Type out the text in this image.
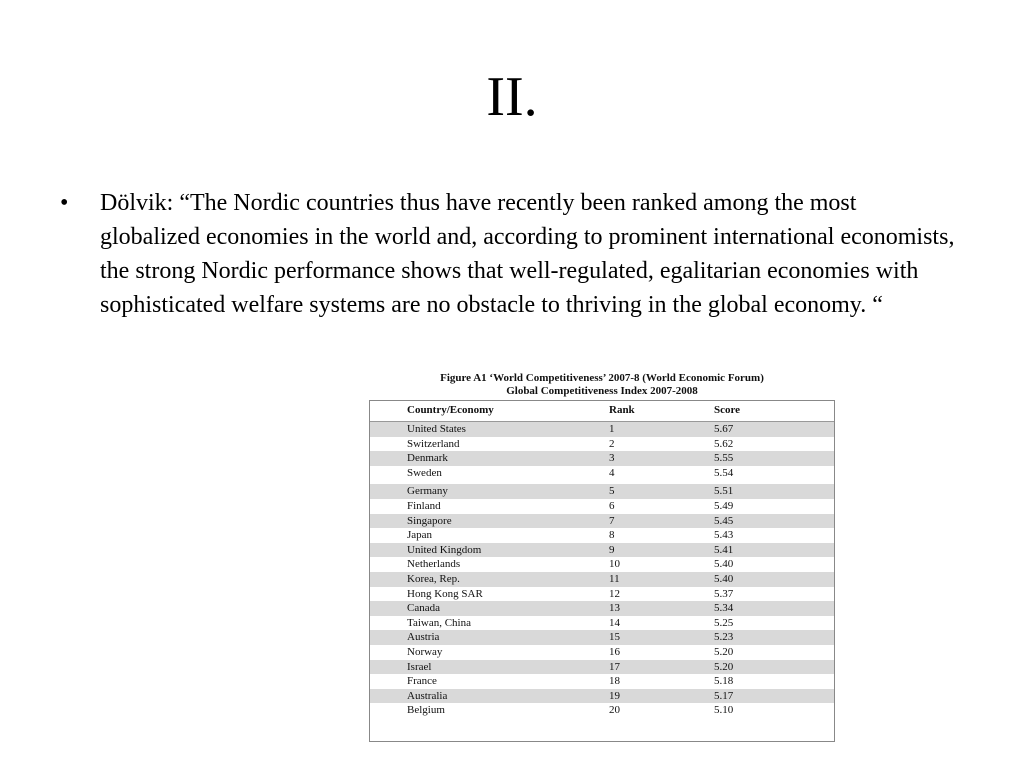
II.
•	Dölvik: “The Nordic countries thus have recently been ranked among the most globalized economies in the world and, according to prominent international economists, the strong Nordic performance shows that well-regulated, egalitarian economies with sophisticated welfare systems are no obstacle to thriving in the global economy. “
Figure A1 ‘World Competitiveness’ 2007-8 (World Economic Forum)
Global Competitiveness Index 2007-2008
Country/Economy	Rank	Score
United States	1	5.67
Switzerland	2	5.62
Denmark	3	5.55
Sweden	4	5.54
Germany	5	5.51
Finland	6	5.49
Singapore	7	5.45
Japan	8	5.43
United Kingdom	9	5.41
Netherlands	10	5.40
Korea, Rep.	11	5.40
Hong Kong SAR	12	5.37
Canada	13	5.34
Taiwan, China	14	5.25
Austria	15	5.23
Norway	16	5.20
Israel	17	5.20
France	18	5.18
Australia	19	5.17
Belgium	20	5.10
